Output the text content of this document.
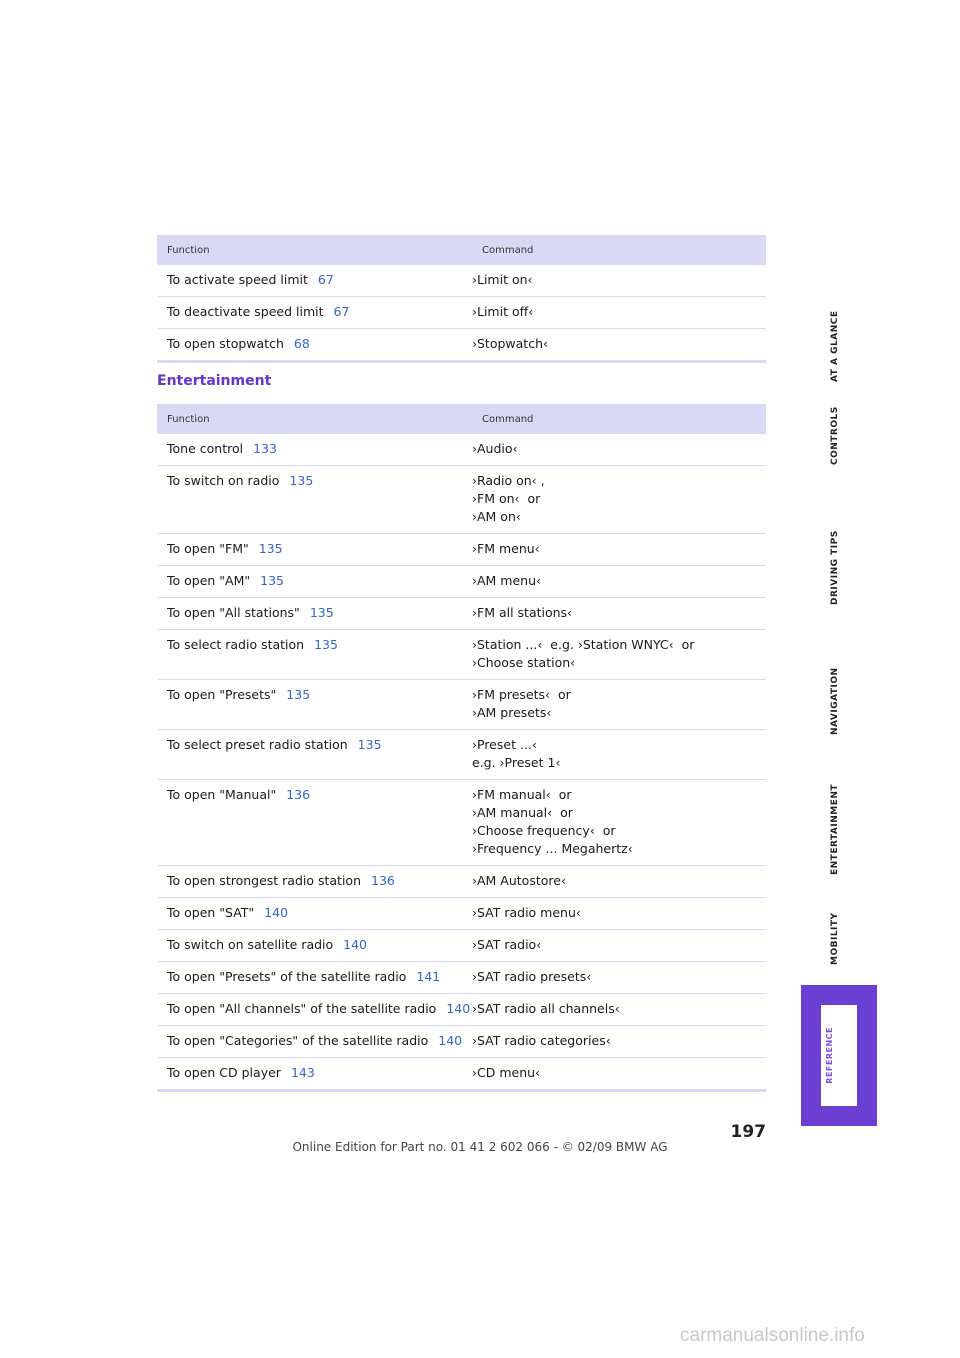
Function	Command
To activate speed limit 67	›Limit on‹
To deactivate speed limit 67	›Limit off‹
To open stopwatch 68	›Stopwatch‹
Entertainment
Function	Command
Tone control 133	›Audio‹
To switch on radio 135	›Radio on‹ ,
›FM on‹  or
›AM on‹
To open "FM" 135	›FM menu‹
To open "AM" 135	›AM menu‹
To open "All stations" 135	›FM all stations‹
To select radio station 135	›Station ...‹  e.g. ›Station WNYC‹  or
›Choose station‹
To open "Presets" 135	›FM presets‹  or
›AM presets‹
To select preset radio station 135	›Preset ...‹
e.g. ›Preset 1‹
To open "Manual" 136	›FM manual‹  or
›AM manual‹  or
›Choose frequency‹  or
›Frequency ... Megahertz‹
To open strongest radio station 136	›AM Autostore‹
To open "SAT" 140	›SAT radio menu‹
To switch on satellite radio 140	›SAT radio‹
To open "Presets" of the satellite radio 141	›SAT radio presets‹
To open "All channels" of the satellite radio 140 ›SAT radio all channels‹
To open "Categories" of the satellite radio 140 ›SAT radio categories‹
To open CD player 143	›CD menu‹
AT A GLANCE
CONTROLS
DRIVING TIPS
NAVIGATION
ENTERTAINMENT
MOBILITY
REFERENCE
197
Online Edition for Part no. 01 41 2 602 066 - © 02/09 BMW AG
carmanualsonline.info
